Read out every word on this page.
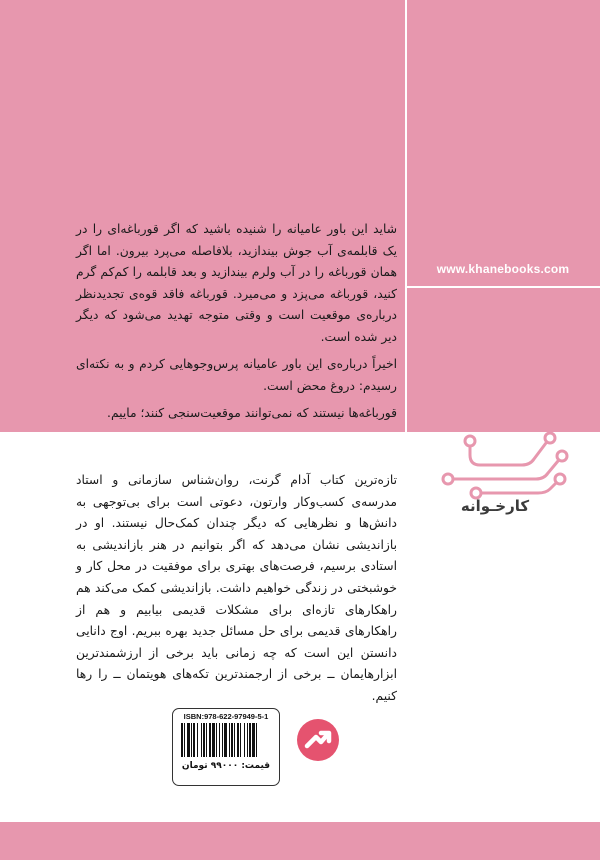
www.khanebooks.com

شاید این باور عامیانه را شنیده باشید که اگر قورباغه‌ای را در یک قابلمه‌ی آب جوش بیندازید، بلافاصله می‌پرد بیرون. اما اگر همان قورباغه را در آب ولرم بیندازید و بعد قابلمه را کم‌کم گرم کنید، قورباغه می‌پزد و می‌میرد. قورباغه فاقد قوه‌ی تجدیدنظر درباره‌ی موقعیت است و وقتی متوجه تهدید می‌شود که دیگر دیر شده است.

اخیراً درباره‌ی این باور عامیانه پرس‌وجوهایی کردم و به نکته‌ای رسیدم: دروغ محض است.

قورباغه‌ها نیستند که نمی‌توانند موقعیت‌سنجی کنند؛ ماییم.

تازه‌ترین کتاب آدام گرنت، روان‌شناس سازمانی و استاد مدرسه‌ی کسب‌وکار وارتون، دعوتی است برای بی‌توجهی به دانش‌ها و نظرهایی که دیگر چندان کمک‌حال نیستند. او در بازاندیشی نشان می‌دهد که اگر بتوانیم در هنر بازاندیشی به استادی برسیم، فرصت‌های بهتری برای موفقیت در محل کار و خوشبختی در زندگی خواهیم داشت. بازاندیشی کمک می‌کند هم راهکارهای تازه‌ای برای مشکلات قدیمی بیابیم و هم از راهکارهای قدیمی برای حل مسائل جدید بهره ببریم. اوج دانایی دانستن این است که چه زمانی باید برخی از ارزشمندترین ابزارهایمان ــ برخی از ارجمندترین تکه‌های هویتمان ــ را رها کنیم.
کارخـوانه
ISBN:978-622-97949-5-1
قیمت: ۹۹۰۰۰ تومان
